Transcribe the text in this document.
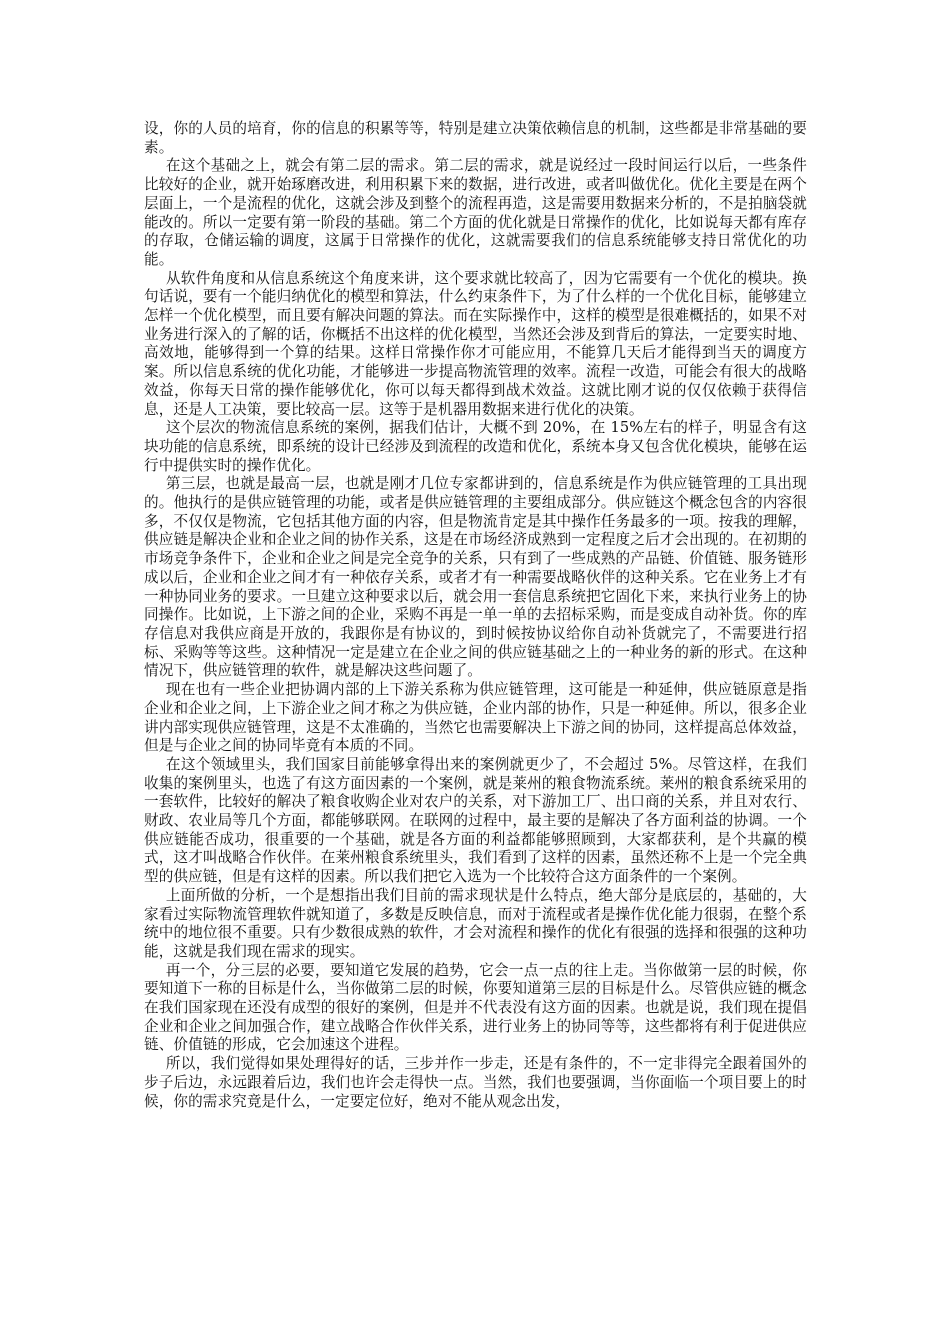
设，你的人员的培育，你的信息的积累等等，特别是建立决策依赖信息的机制，这些都是非常基础的要素。

在这个基础之上，就会有第二层的需求。第二层的需求，就是说经过一段时间运行以后，一些条件比较好的企业，就开始琢磨改进，利用积累下来的数据，进行改进，或者叫做优化。优化主要是在两个层面上，一个是流程的优化，这就会涉及到整个的流程再造，这是需要用数据来分析的，不是拍脑袋就能改的。所以一定要有第一阶段的基础。第二个方面的优化就是日常操作的优化，比如说每天都有库存的存取，仓储运输的调度，这属于日常操作的优化，这就需要我们的信息系统能够支持日常优化的功能。

从软件角度和从信息系统这个角度来讲，这个要求就比较高了，因为它需要有一个优化的模块。换句话说，要有一个能归纳优化的模型和算法，什么约束条件下，为了什么样的一个优化目标，能够建立怎样一个优化模型，而且要有解决问题的算法。而在实际操作中，这样的模型是很难概括的，如果不对业务进行深入的了解的话，你概括不出这样的优化模型，当然还会涉及到背后的算法，一定要实时地、高效地，能够得到一个算的结果。这样日常操作你才可能应用，不能算几天后才能得到当天的调度方案。所以信息系统的优化功能，才能够进一步提高物流管理的效率。流程一改造，可能会有很大的战略效益，你每天日常的操作能够优化，你可以每天都得到战术效益。这就比刚才说的仅仅依赖于获得信息，还是人工决策，要比较高一层。这等于是机器用数据来进行优化的决策。

这个层次的物流信息系统的案例，据我们估计，大概不到 20%，在 15%左右的样子，明显含有这块功能的信息系统，即系统的设计已经涉及到流程的改造和优化，系统本身又包含优化模块，能够在运行中提供实时的操作优化。

第三层，也就是最高一层，也就是刚才几位专家都讲到的，信息系统是作为供应链管理的工具出现的。他执行的是供应链管理的功能，或者是供应链管理的主要组成部分。供应链这个概念包含的内容很多，不仅仅是物流，它包括其他方面的内容，但是物流肯定是其中操作任务最多的一项。按我的理解，供应链是解决企业和企业之间的协作关系，这是在市场经济成熟到一定程度之后才会出现的。在初期的市场竞争条件下，企业和企业之间是完全竞争的关系，只有到了一些成熟的产品链、价值链、服务链形成以后，企业和企业之间才有一种依存关系，或者才有一种需要战略伙伴的这种关系。它在业务上才有一种协同业务的要求。一旦建立这种要求以后，就会用一套信息系统把它固化下来，来执行业务上的协同操作。比如说，上下游之间的企业，采购不再是一单一单的去招标采购，而是变成自动补货。你的库存信息对我供应商是开放的，我跟你是有协议的，到时候按协议给你自动补货就完了，不需要进行招标、采购等等这些。这种情况一定是建立在企业之间的供应链基础之上的一种业务的新的形式。在这种情况下，供应链管理的软件，就是解决这些问题了。

现在也有一些企业把协调内部的上下游关系称为供应链管理，这可能是一种延伸，供应链原意是指企业和企业之间，上下游企业之间才称之为供应链，企业内部的协作，只是一种延伸。所以，很多企业讲内部实现供应链管理，这是不太准确的，当然它也需要解决上下游之间的协同，这样提高总体效益，但是与企业之间的协同毕竟有本质的不同。

在这个领域里头，我们国家目前能够拿得出来的案例就更少了，不会超过 5%。尽管这样，在我们收集的案例里头，也选了有这方面因素的一个案例，就是莱州的粮食物流系统。莱州的粮食系统采用的一套软件，比较好的解决了粮食收购企业对农户的关系，对下游加工厂、出口商的关系，并且对农行、财政、农业局等几个方面，都能够联网。在联网的过程中，最主要的是解决了各方面利益的协调。一个供应链能否成功，很重要的一个基础，就是各方面的利益都能够照顾到，大家都获利，是个共赢的模式，这才叫战略合作伙伴。在莱州粮食系统里头，我们看到了这样的因素，虽然还称不上是一个完全典型的供应链，但是有这样的因素。所以我们把它入选为一个比较符合这方面条件的一个案例。

上面所做的分析，一个是想指出我们目前的需求现状是什么特点，绝大部分是底层的，基础的，大家看过实际物流管理软件就知道了，多数是反映信息，而对于流程或者是操作优化能力很弱，在整个系统中的地位很不重要。只有少数很成熟的软件，才会对流程和操作的优化有很强的选择和很强的这种功能，这就是我们现在需求的现实。

再一个，分三层的必要，要知道它发展的趋势，它会一点一点的往上走。当你做第一层的时候，你要知道下一称的目标是什么，当你做第二层的时候，你要知道第三层的目标是什么。尽管供应链的概念在我们国家现在还没有成型的很好的案例，但是并不代表没有这方面的因素。也就是说，我们现在提倡企业和企业之间加强合作，建立战略合作伙伴关系，进行业务上的协同等等，这些都将有利于促进供应链、价值链的形成，它会加速这个进程。

所以，我们觉得如果处理得好的话，三步并作一步走，还是有条件的，不一定非得完全跟着国外的步子后边，永远跟着后边，我们也许会走得快一点。当然，我们也要强调，当你面临一个项目要上的时候，你的需求究竟是什么，一定要定位好，绝对不能从观念出发，
